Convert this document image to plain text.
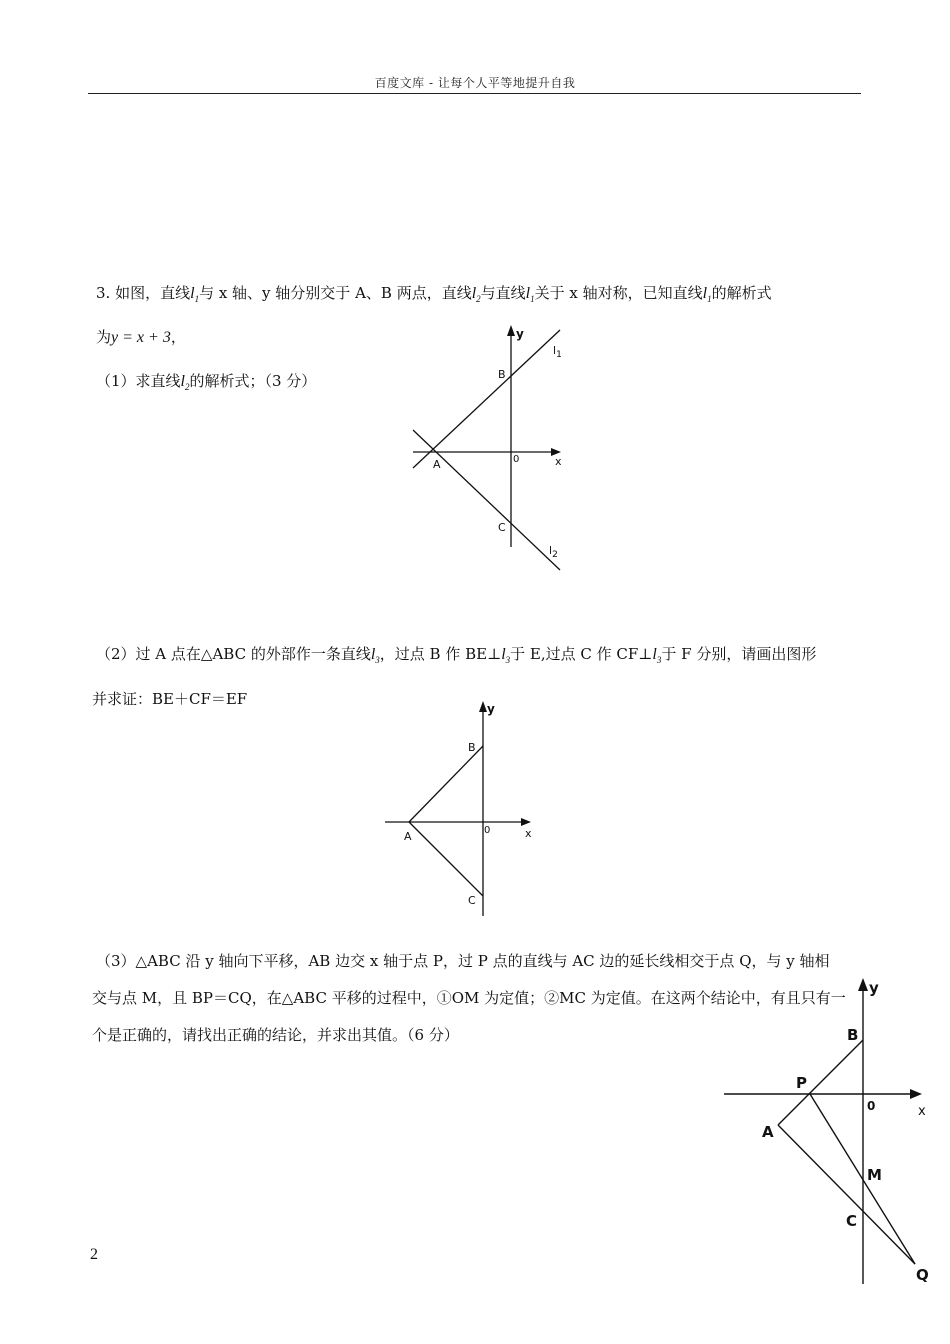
百度文库 - 让每个人平等地提升自我
3. 如图，直线$l_1$与 x 轴、y 轴分别交于 A、B 两点，直线$l_2$与直线$l_1$关于 x 轴对称，已知直线$l_1$的解析式
为y = x + 3，
（1）求直线$l_2$的解析式；（3 分）
y
x
0
A
B
C
$l_1$
$l_2$
（2）过 A 点在△ABC 的外部作一条直线$l_3$，过点 B 作 $BE\perp l_3$于 E,过点 C 作 $CF\perp l_3$于 F 分别，请画出图形
并求证：BE＋CF＝EF
y
x
0
A
B
C
（3）△ABC 沿 y 轴向下平移，AB 边交 x 轴于点 P，过 P 点的直线与 AC 边的延长线相交于点 Q，与 y 轴相
交与点 M，且 BP＝CQ，在△ABC 平移的过程中，①OM 为定值；②MC 为定值。在这两个结论中，有且只有一
个是正确的，请找出正确的结论，并求出其值。（6 分）
y
x
0
A
B
C
P
M
Q
2
